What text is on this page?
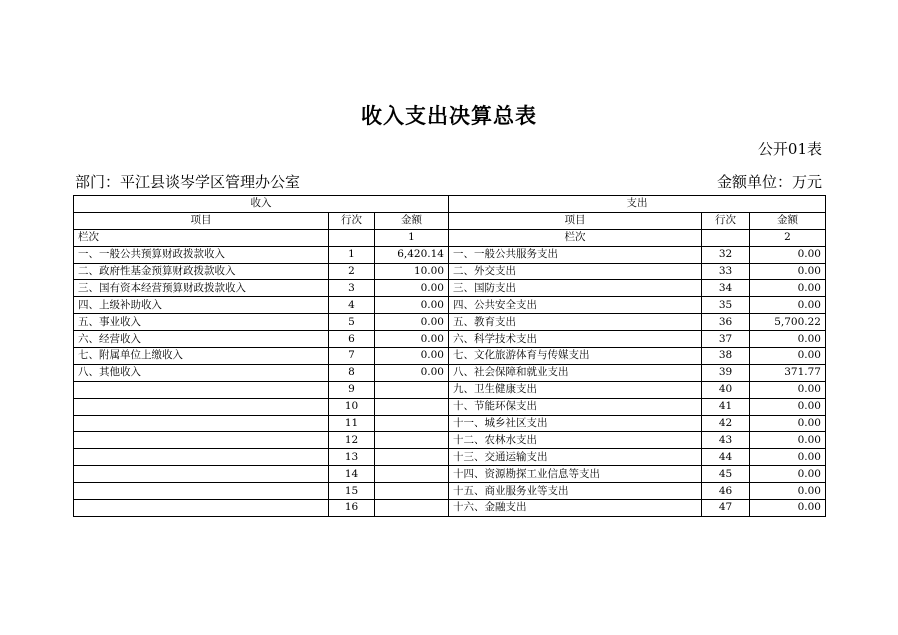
收入支出决算总表
公开01表
部门：平江县谈岑学区管理办公室	金额单位：万元
收入			支出		
项目	行次	金额	项目	行次	金额
栏次		1	栏次		2
一、一般公共预算财政拨款收入	1	6,420.14	一、一般公共服务支出	32	0.00
二、政府性基金预算财政拨款收入	2	10.00	二、外交支出	33	0.00
三、国有资本经营预算财政拨款收入	3	0.00	三、国防支出	34	0.00
四、上级补助收入	4	0.00	四、公共安全支出	35	0.00
五、事业收入	5	0.00	五、教育支出	36	5,700.22
六、经营收入	6	0.00	六、科学技术支出	37	0.00
七、附属单位上缴收入	7	0.00	七、文化旅游体育与传媒支出	38	0.00
八、其他收入	8	0.00	八、社会保障和就业支出	39	371.77
	9		九、卫生健康支出	40	0.00
	10		十、节能环保支出	41	0.00
	11		十一、城乡社区支出	42	0.00
	12		十二、农林水支出	43	0.00
	13		十三、交通运输支出	44	0.00
	14		十四、资源勘探工业信息等支出	45	0.00
	15		十五、商业服务业等支出	46	0.00
	16		十六、金融支出	47	0.00
